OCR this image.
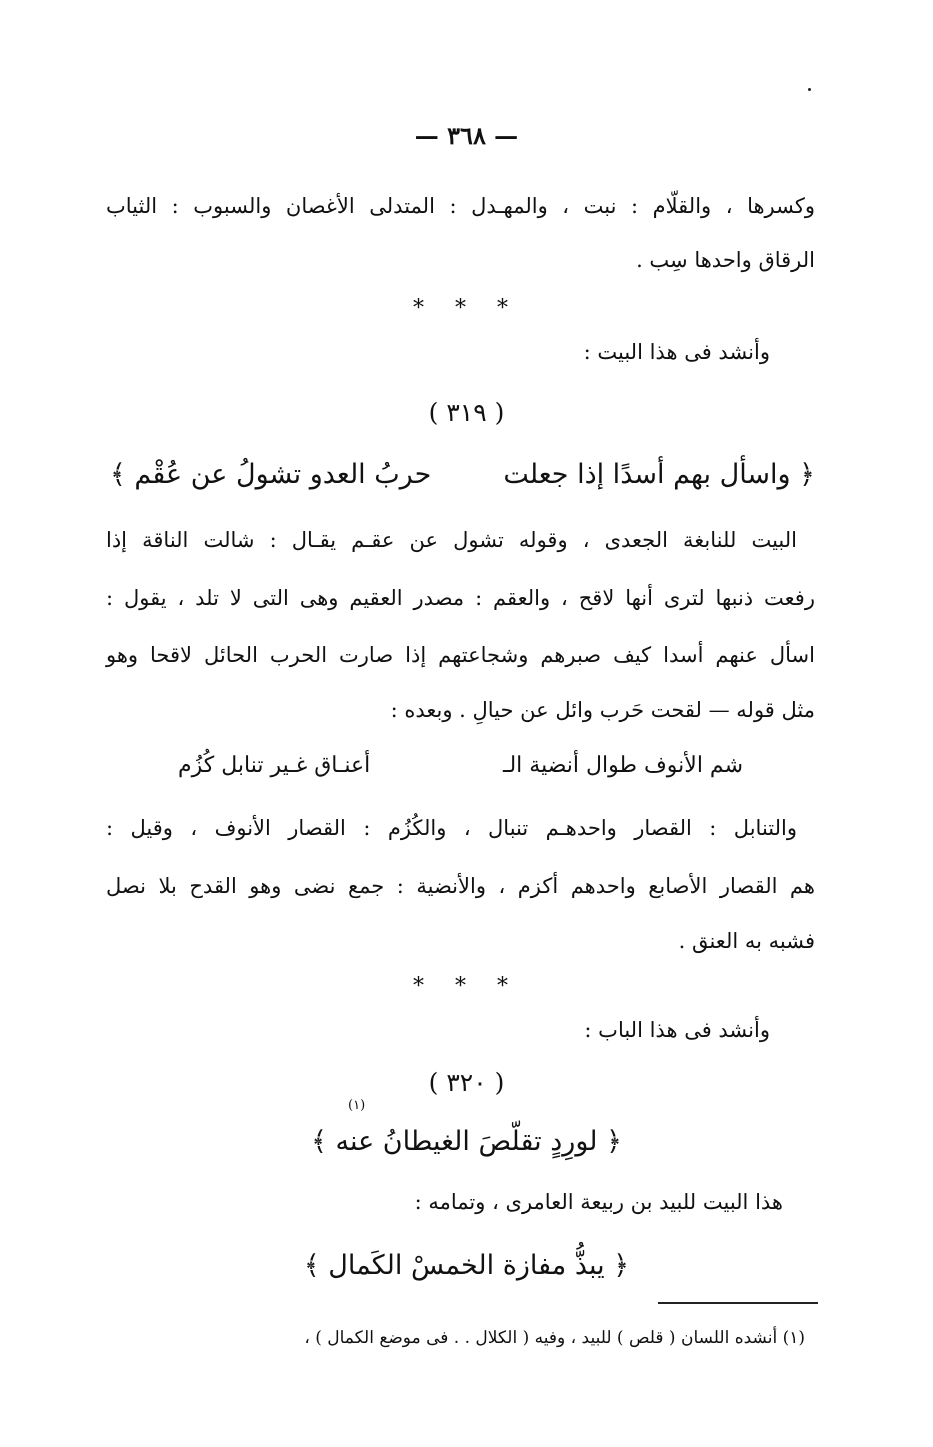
— ٣٦٨ —
وكسرها ، والقلّام : نبت ، والمهـدل : المتدلى الأغصان والسبوب : الثياب
الرقاق واحدها سِب .
* * *
وأنشد فى هذا البيت :
( ٣١٩ )
﴿ واسأل بهم أسدًا إذا جعلت
حربُ العدو تشولُ عن عُقْم ﴾
البيت للنابغة الجعدى ، وقوله تشول عن عقـم يقـال : شالت الناقة إذا
رفعت ذنبها لترى أنها لاقح ، والعقم : مصدر العقيم وهى التى لا تلد ، يقول :
اسأل عنهم أسدا كيف صبرهم وشجاعتهم إذا صارت الحرب الحائل لاقحا وهو
مثل قوله — لقحت حَرب وائل عن حيالِ . وبعده :
شم الأنوف طوال أنضية الـ
أعنـاق غـير تنابل كُزُم
والتنابل : القصار واحدهـم تنبال ، والكُزُم : القصار الأنوف ، وقيل :
هم القصار الأصابع واحدهم أكزم ، والأنضية : جمع نضى وهو القدح بلا نصل
فشبه به العنق .
* * *
وأنشد فى هذا الباب :
( ٣٢٠ )
(١)
﴿ لورِدٍ تقلّصَ الغيطانُ عنه ﴾
هذا البيت للبيد بن ربيعة العامرى ، وتمامه :
﴿ يبذُّ مفازة الخمسْ الكَمال ﴾
(١) أنشده اللسان ( قلص ) للبيد ، وفيه ( الكلال . . فى موضع الكمال ) ،
